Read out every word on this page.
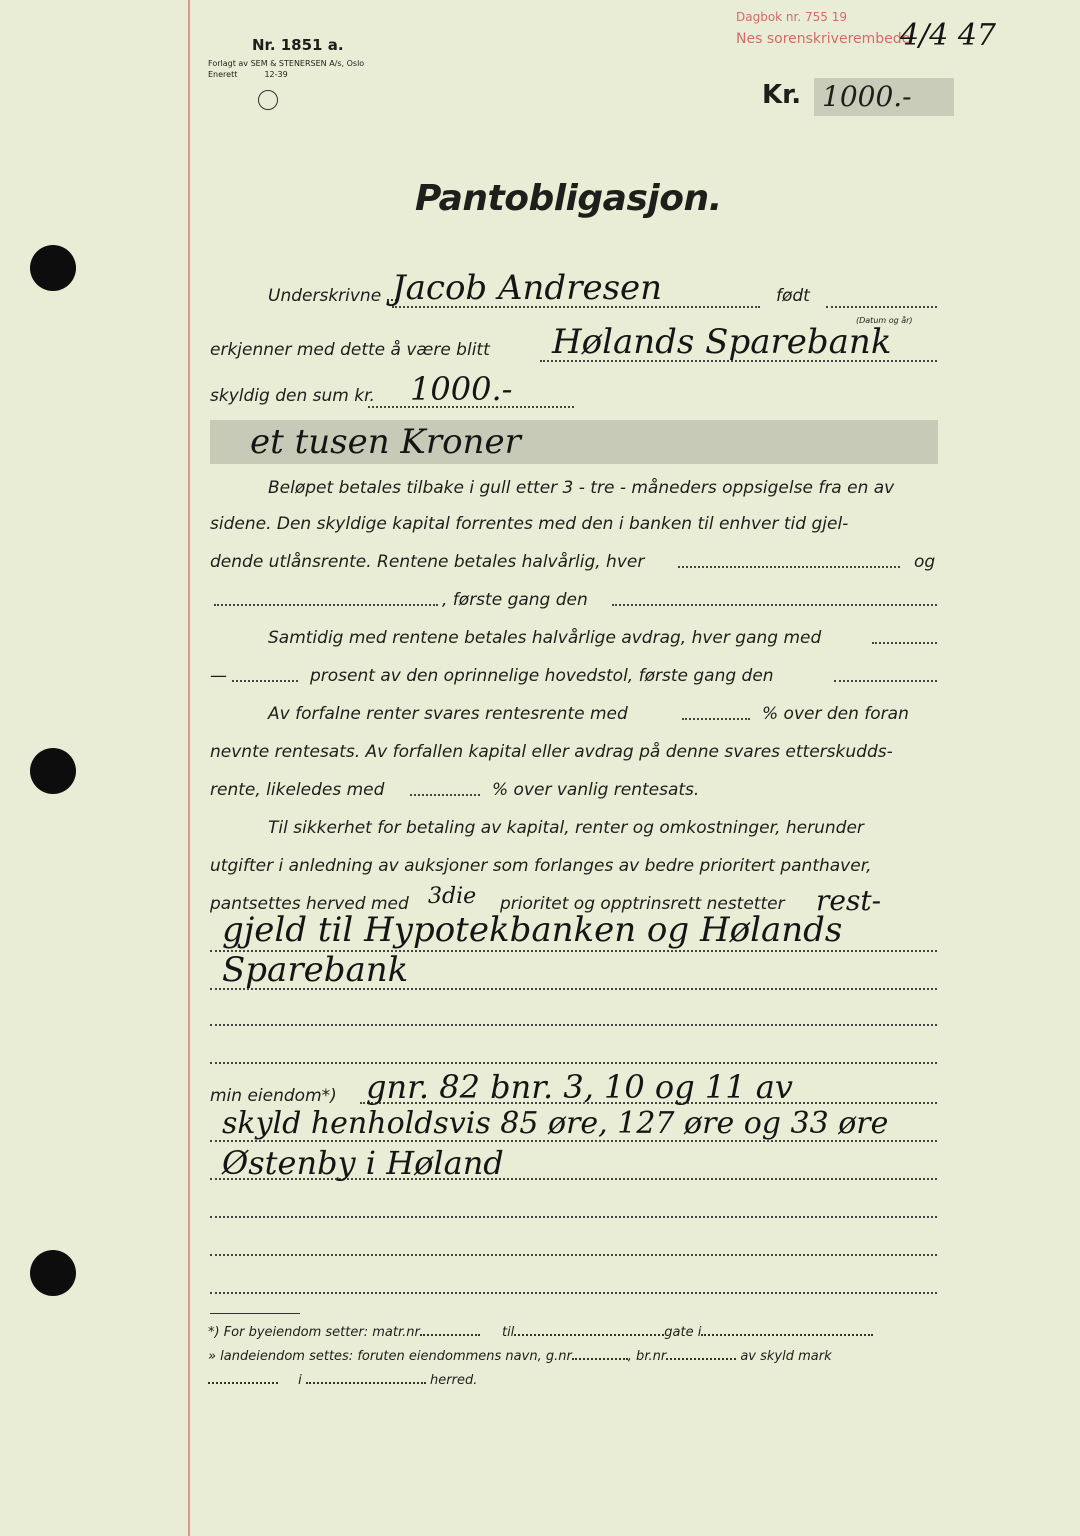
Nr. 1851 a.
Forlagt av SEM & STENERSEN A/s, Oslo
Enerett	12-39
Dagbok nr. 755 19
Nes sorenskriverembede
4/4 47
Kr. 1000.-
Pantobligasjon.
Underskrivne Jacob Andresen	født
(Datum og år)
erkjenner med dette å være blitt Hølands Sparebank
skyldig den sum kr. 1000.-
et tusen Kroner
Beløpet betales tilbake i gull etter 3 - tre - måneders oppsigelse fra en av
sidene. Den skyldige kapital forrentes med den i banken til enhver tid gjel-
dende utlånsrente. Rentene betales halvårlig, hver	og
, første gang den
Samtidig med rentene betales halvårlige avdrag, hver gang med
—	prosent av den oprinnelige hovedstol, første gang den
Av forfalne renter svares rentesrente med	% over den foran
nevnte rentesats. Av forfallen kapital eller avdrag på denne svares etterskudds-
rente, likeledes med	% over vanlig rentesats.
Til sikkerhet for betaling av kapital, renter og omkostninger, herunder
utgifter i anledning av auksjoner som forlanges av bedre prioritert panthaver,
pantsettes herved med 3die prioritet og opptrinsrett nestetter rest-
gjeld til Hypotekbanken og Hølands
Sparebank
min eiendom*) gnr. 82 bnr. 3, 10 og 11 av
skyld henholdsvis 85 øre, 127 øre og 33 øre
Østenby i Høland
*) For byeiendom setter: matr.nr	til	gate i
» landeiendom settes: foruten eiendommens navn, g.nr	, br.nr	av skyld mark
i	herred.
